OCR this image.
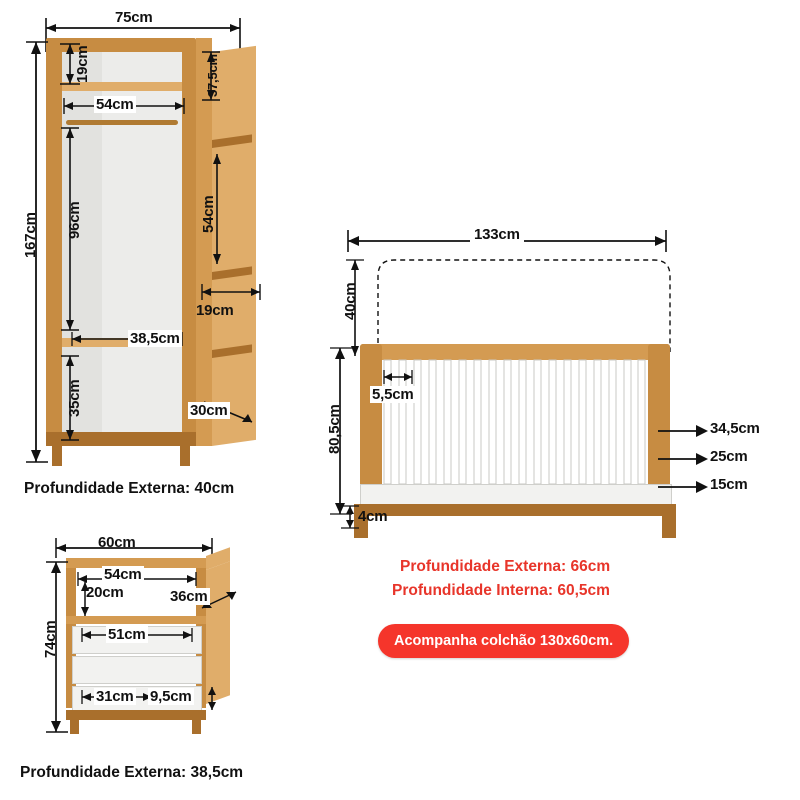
75cm
19cm	37,5cm
54cm
96cm	54cm
167cm
19cm
38,5cm
35cm	30cm
Profundidade Externa: 40cm
60cm
54cm
20cm	36cm
74cm	51cm
31cm 9,5cm
Profundidade Externa: 38,5cm
133cm
40cm
5,5cm
80,5cm
4cm
34,5cm
25cm
15cm
Profundidade Externa: 66cm
Profundidade Interna: 60,5cm
Acompanha colchão 130x60cm.
